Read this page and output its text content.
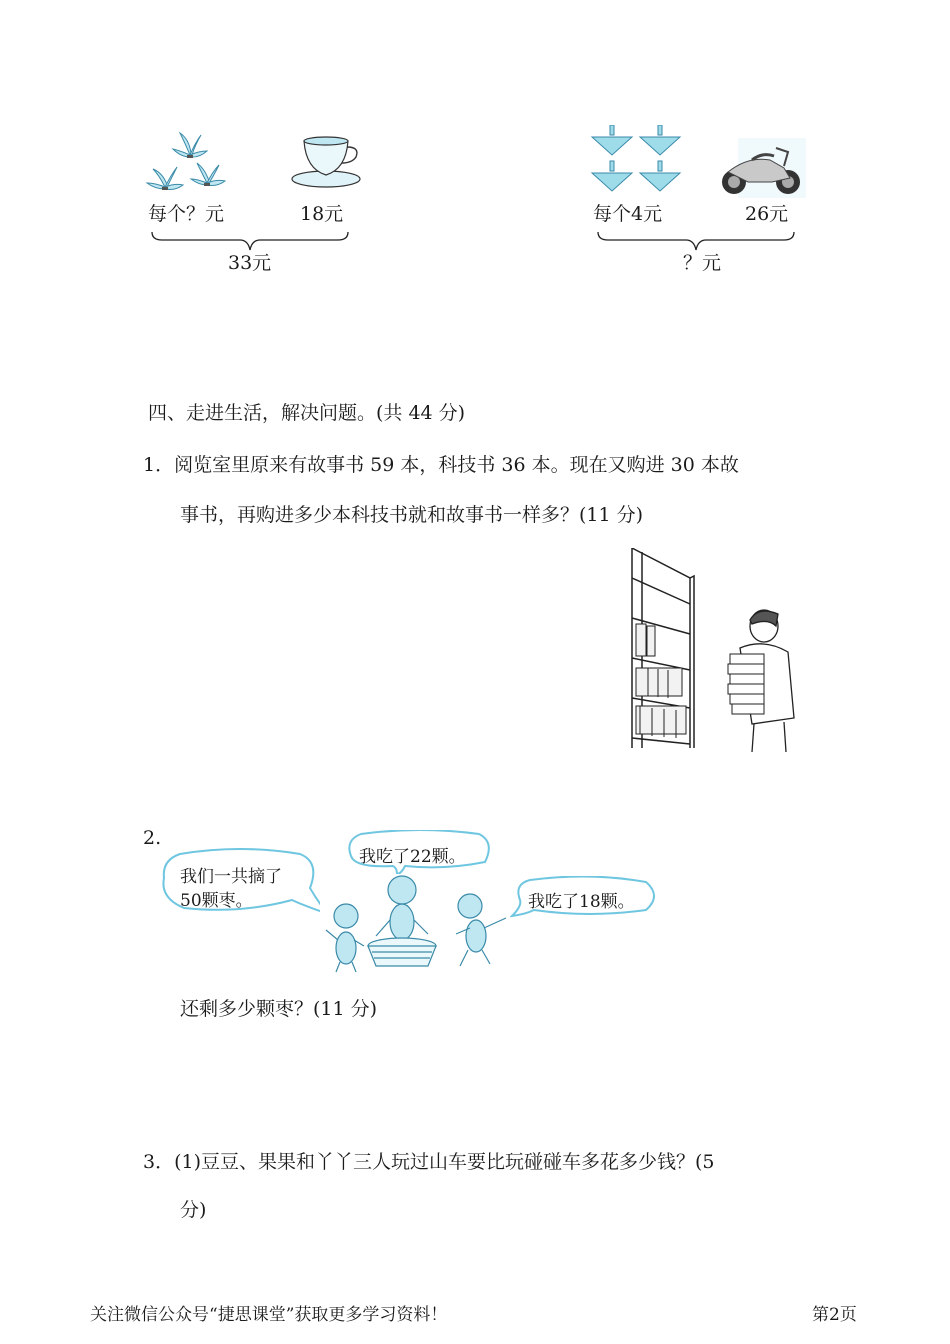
每个？元	18元
33元
每个4元	26元
？元
四、走进生活，解决问题。(共 44 分)
1．阅览室里原来有故事书 59 本，科技书 36 本。现在又购进 30 本故
事书，再购进多少本科技书就和故事书一样多？(11 分)
2.
我们一共摘了
50颗枣。
我吃了22颗。
我吃了18颗。
还剩多少颗枣？(11 分)
3．(1)豆豆、果果和丫丫三人玩过山车要比玩碰碰车多花多少钱？(5
分)
关注微信公众号“捷思课堂”获取更多学习资料！	第2页
